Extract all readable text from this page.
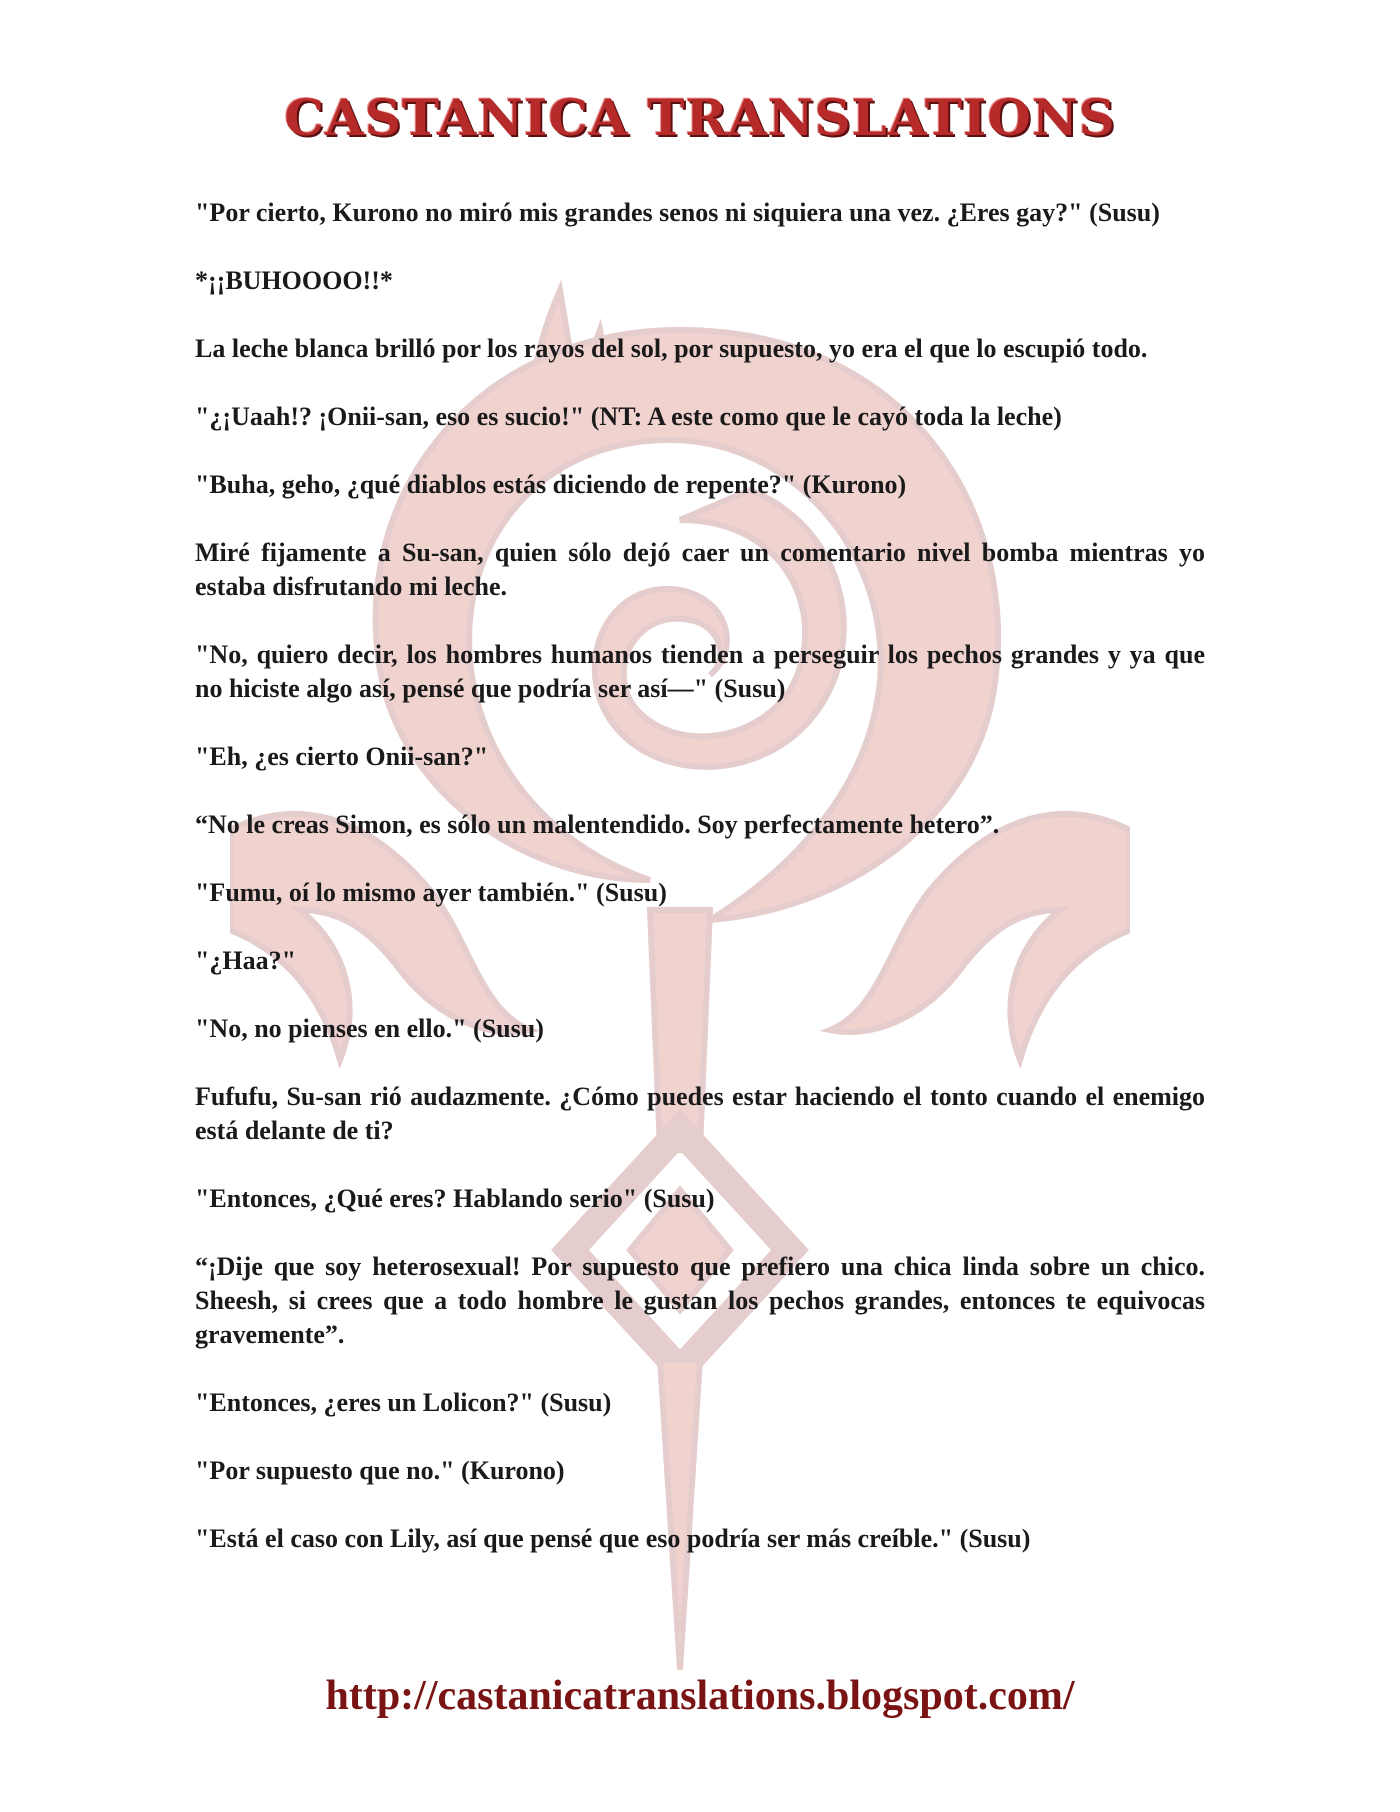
CASTANICA TRANSLATIONS

"Por cierto, Kurono no miró mis grandes senos ni siquiera una vez. ¿Eres gay?" (Susu)

*¡¡BUHOOOO!!*

La leche blanca brilló por los rayos del sol, por supuesto, yo era el que lo escupió todo.

"¿¡Uaah!? ¡Onii-san, eso es sucio!" (NT: A este como que le cayó toda la leche)

"Buha, geho, ¿qué diablos estás diciendo de repente?" (Kurono)

Miré fijamente a Su-san, quien sólo dejó caer un comentario nivel bomba mientras yo estaba disfrutando mi leche.

"No, quiero decir, los hombres humanos tienden a perseguir los pechos grandes y ya que no hiciste algo así, pensé que podría ser así—" (Susu)

"Eh, ¿es cierto Onii-san?"

“No le creas Simon, es sólo un malentendido. Soy perfectamente hetero”.

"Fumu, oí lo mismo ayer también." (Susu)

"¿Haa?"

"No, no pienses en ello." (Susu)

Fufufu, Su-san rió audazmente. ¿Cómo puedes estar haciendo el tonto cuando el enemigo está delante de ti?

"Entonces, ¿Qué eres? Hablando serio" (Susu)

“¡Dije que soy heterosexual! Por supuesto que prefiero una chica linda sobre un chico. Sheesh, si crees que a todo hombre le gustan los pechos grandes, entonces te equivocas gravemente”.

"Entonces, ¿eres un Lolicon?" (Susu)

"Por supuesto que no." (Kurono)

"Está el caso con Lily, así que pensé que eso podría ser más creíble." (Susu)

http://castanicatranslations.blogspot.com/
